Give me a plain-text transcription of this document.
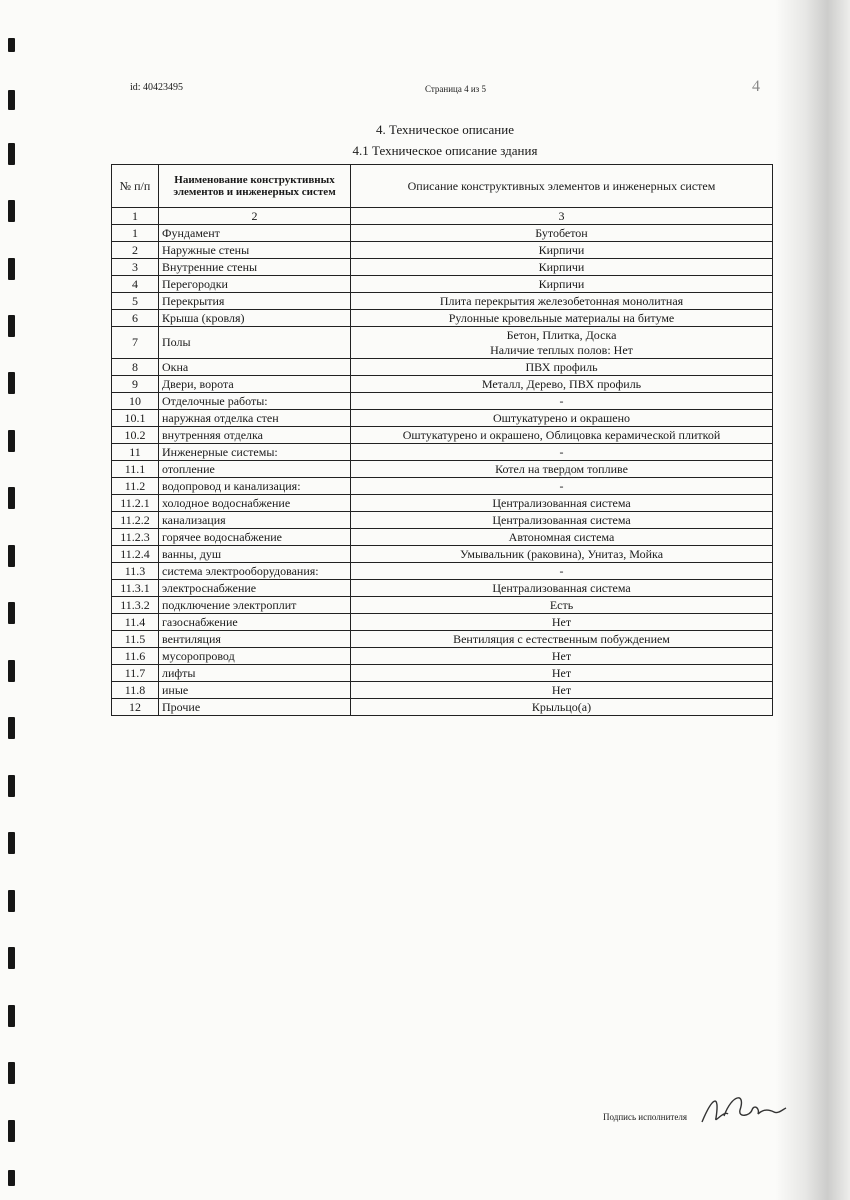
id: 40423495	Страница 4 из 5	4
4. Техническое описание
4.1 Техническое описание здания
№ п/п	Наименование конструктивных элементов и инженерных систем	Описание конструктивных элементов и инженерных систем
1	2	3
1	Фундамент	Бутобетон
2	Наружные стены	Кирпичи
3	Внутренние стены	Кирпичи
4	Перегородки	Кирпичи
5	Перекрытия	Плита перекрытия железобетонная монолитная
6	Крыша (кровля)	Рулонные кровельные материалы на битуме
7	Полы	Бетон, Плитка, Доска
Наличие теплых полов: Нет

8	Окна	ПВХ профиль
9	Двери, ворота	Металл, Дерево, ПВХ профиль
10	Отделочные работы:	-
10.1	наружная отделка стен	Оштукатурено и окрашено
10.2	внутренняя отделка	Оштукатурено и окрашено, Облицовка керамической плиткой
11	Инженерные системы:	-
11.1	отопление	Котел на твердом топливе
11.2	водопровод и канализация:	-
11.2.1	холодное водоснабжение	Централизованная система
11.2.2	канализация	Централизованная система
11.2.3	горячее водоснабжение	Автономная система
11.2.4	ванны, душ	Умывальник (раковина), Унитаз, Мойка
11.3	система электрооборудования:	-
11.3.1	электроснабжение	Централизованная система
11.3.2	подключение электроплит	Есть
11.4	газоснабжение	Нет
11.5	вентиляция	Вентиляция с естественным побуждением
11.6	мусоропровод	Нет
11.7	лифты	Нет
11.8	иные	Нет
12	Прочие	Крыльцо(а)
Подпись исполнителя
